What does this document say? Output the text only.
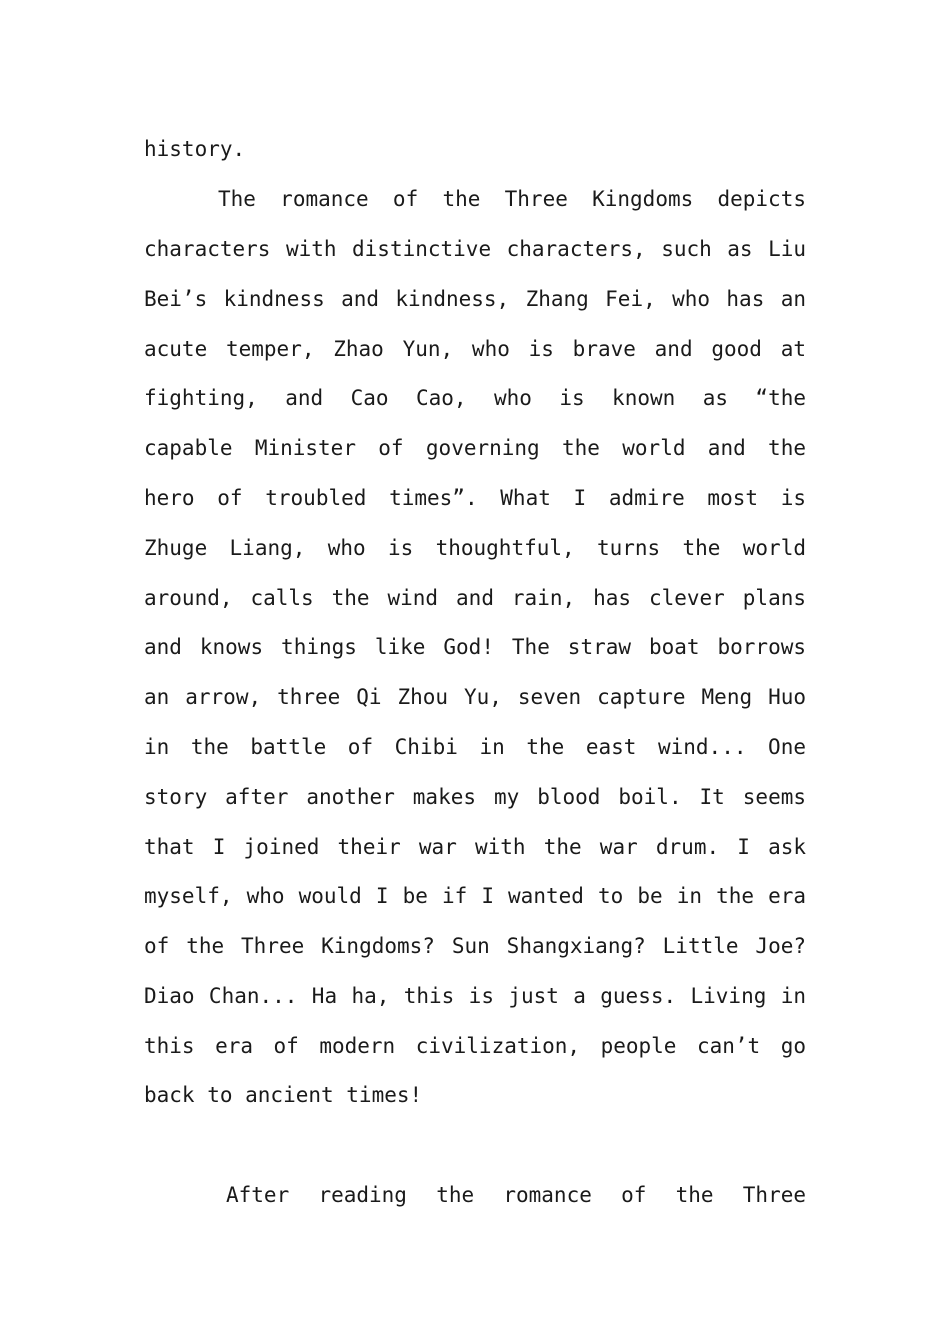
history.

The romance of the Three Kingdoms depicts

characters with distinctive characters, such as Liu

Bei’s kindness and kindness, Zhang Fei, who has an

acute temper, Zhao Yun, who is brave and good at

fighting, and Cao Cao, who is known as “the

capable Minister of governing the world and the

hero of troubled times”. What I admire most is

Zhuge Liang, who is thoughtful, turns the world

around, calls the wind and rain, has clever plans

and knows things like God! The straw boat borrows

an arrow, three Qi Zhou Yu, seven capture Meng Huo

in the battle of Chibi in the east wind... One

story after another makes my blood boil. It seems

that I joined their war with the war drum. I ask

myself, who would I be if I wanted to be in the era

of the Three Kingdoms? Sun Shangxiang? Little Joe?

Diao Chan... Ha ha, this is just a guess. Living in

this era of modern civilization, people can’t go

back to ancient times!

After reading the romance of the Three
